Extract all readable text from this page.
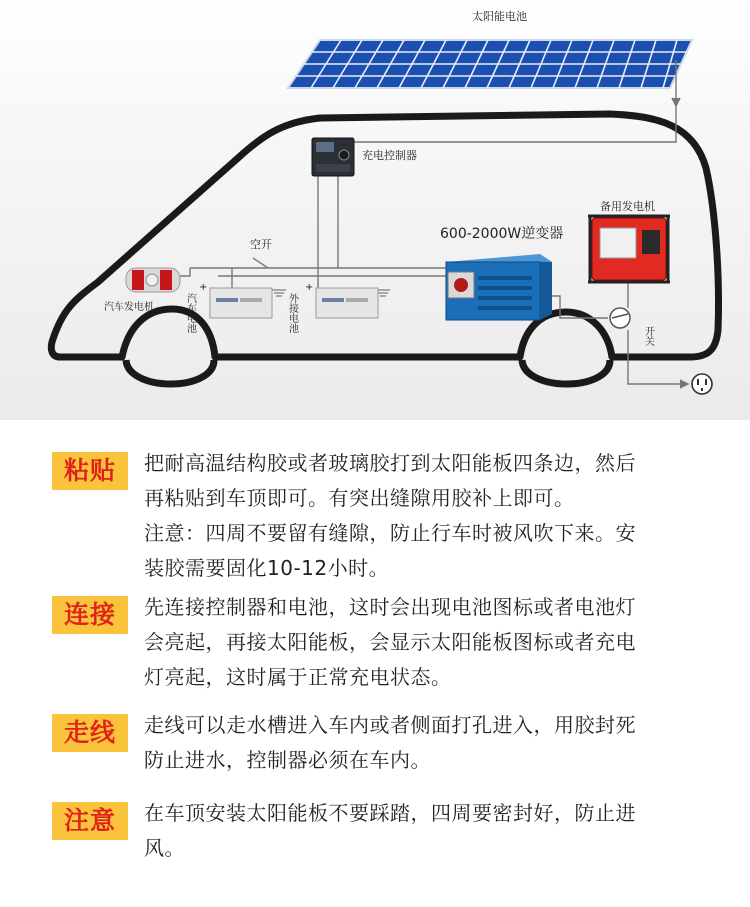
太阳能电池
充电控制器
空开
汽车发电机
+
汽车电池
+
外接电池
600-2000W逆变器
备用发电机
开关
粘贴	把耐高温结构胶或者玻璃胶打到太阳能板四条边，然后

再粘贴到车顶即可。有突出缝隙用胶补上即可。

注意：四周不要留有缝隙，防止行车时被风吹下来。安

装胶需要固化10-12小时。

连接	先连接控制器和电池，这时会出现电池图标或者电池灯

会亮起，再接太阳能板，会显示太阳能板图标或者充电

灯亮起，这时属于正常充电状态。

走线	走线可以走水槽进入车内或者侧面打孔进入，用胶封死

防止进水，控制器必须在车内。

注意	在车顶安装太阳能板不要踩踏，四周要密封好，防止进

风。
